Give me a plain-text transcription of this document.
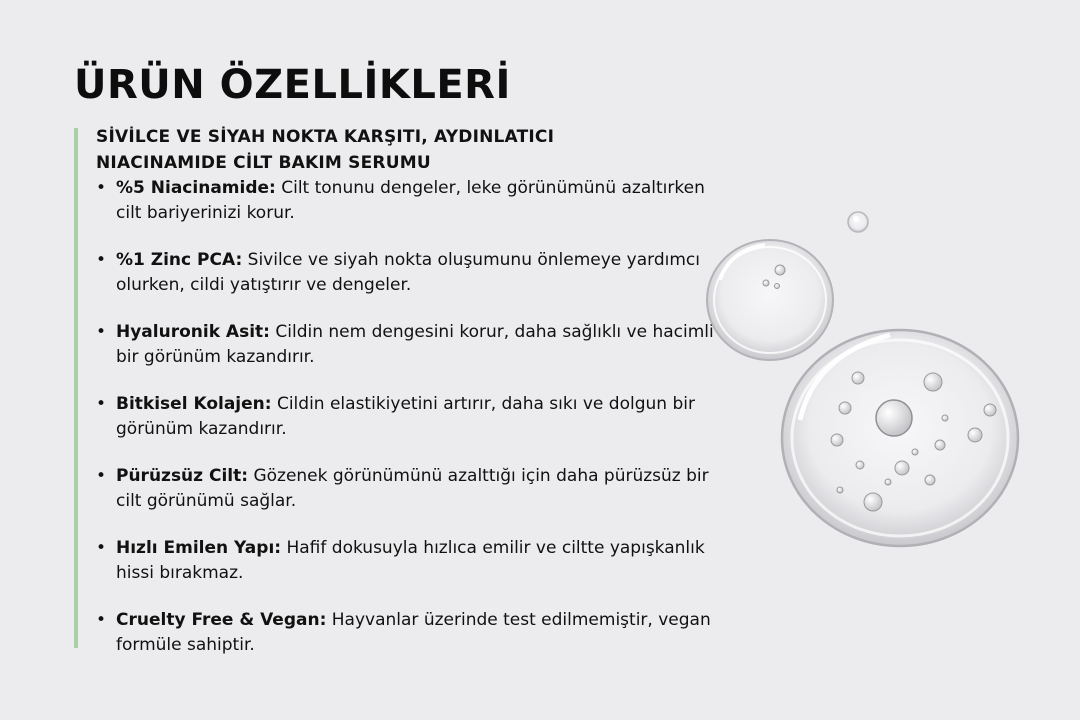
ÜRÜN ÖZELLİKLERİ

SİVİLCE VE SİYAH NOKTA KARŞITI, AYDINLATICI
NIACINAMIDE CİLT BAKIM SERUMU

• %5 Niacinamide: Cilt tonunu dengeler, leke görünümünü azaltırken cilt bariyerinizi korur.
• %1 Zinc PCA: Sivilce ve siyah nokta oluşumunu önlemeye yardımcı olurken, cildi yatıştırır ve dengeler.
• Hyaluronik Asit: Cildin nem dengesini korur, daha sağlıklı ve hacimli bir görünüm kazandırır.
• Bitkisel Kolajen: Cildin elastikiyetini artırır, daha sıkı ve dolgun bir görünüm kazandırır.
• Pürüzsüz Cilt: Gözenek görünümünü azalttığı için daha pürüzsüz bir cilt görünümü sağlar.
• Hızlı Emilen Yapı: Hafif dokusuyla hızlıca emilir ve ciltte yapışkanlık hissi bırakmaz.
• Cruelty Free & Vegan: Hayvanlar üzerinde test edilmemiştir, vegan formüle sahiptir.
